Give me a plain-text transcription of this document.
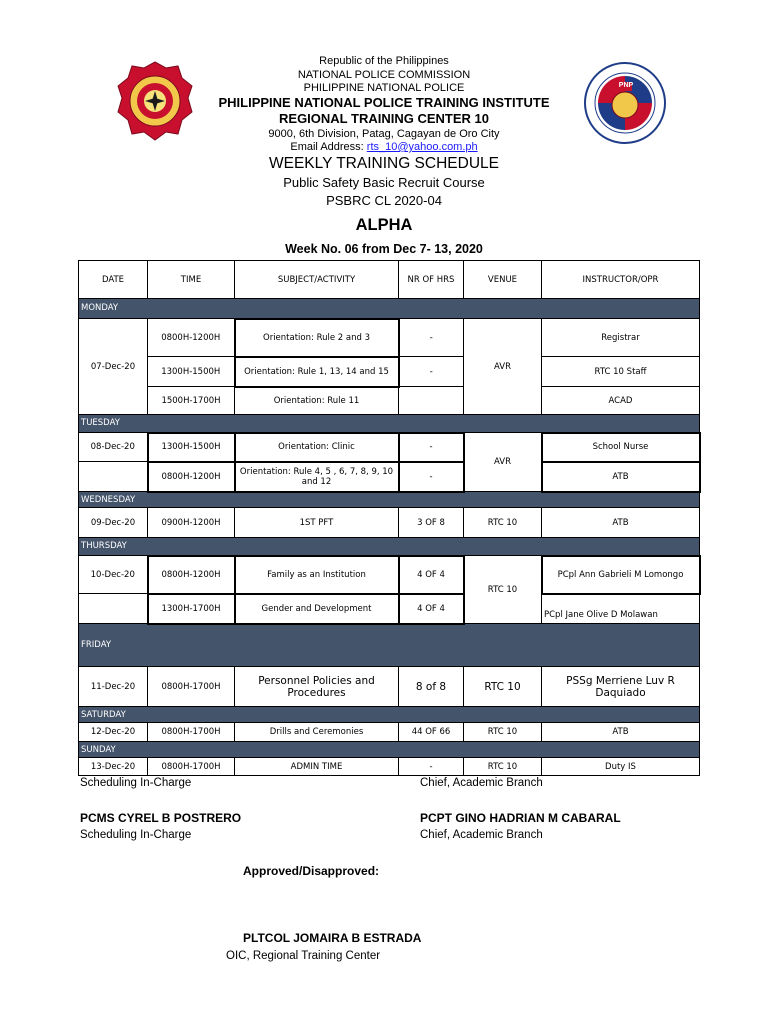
PNP
Republic of the Philippines
NATIONAL POLICE COMMISSION
PHILIPPINE NATIONAL POLICE
PHILIPPINE NATIONAL POLICE TRAINING INSTITUTE
REGIONAL TRAINING CENTER 10
9000, 6th Division, Patag, Cagayan de Oro City
Email Address: rts_10@yahoo.com.ph
WEEKLY TRAINING SCHEDULE
Public Safety Basic Recruit Course
PSBRC CL 2020-04
ALPHA
Week No. 06 from Dec 7- 13, 2020
DATE	TIME	SUBJECT/ACTIVITY	NR OF HRS	VENUE	INSTRUCTOR/OPR
MONDAY					
07-Dec-20	0800H-1200H	Orientation: Rule 2 and 3	-	AVR	Registrar
	1300H-1500H	Orientation: Rule 1, 13, 14 and 15	-		RTC 10 Staff
	1500H-1700H	Orientation: Rule 11			ACAD
TUESDAY					
08-Dec-20	1300H-1500H	Orientation: Clinic	-	AVR	School Nurse
	0800H-1200H	Orientation: Rule 4, 5 , 6, 7, 8, 9, 10 and 12	-		ATB
WEDNESDAY					
09-Dec-20	0900H-1200H	1ST PFT	3 OF 8	RTC 10	ATB
THURSDAY					
10-Dec-20	0800H-1200H	Family as an Institution	4 OF 4	RTC 10	PCpl Ann Gabrieli M Lomongo
	1300H-1700H	Gender and Development	4 OF 4		PCpl Jane Olive D Molawan
FRIDAY					
11-Dec-20	0800H-1700H	Personnel Policies and Procedures	8 of 8	RTC 10	PSSg Merriene Luv R Daquiado
SATURDAY					
12-Dec-20	0800H-1700H	Drills and Ceremonies	44 OF 66	RTC 10	ATB
SUNDAY					
13-Dec-20	0800H-1700H	ADMIN TIME	-	RTC 10	Duty IS
Scheduling In-Charge	Chief, Academic Branch
PCMS CYREL B POSTRERO
Scheduling In-Charge
PCPT GINO HADRIAN M CABARAL
Chief, Academic Branch
Approved/Disapproved:
PLTCOL JOMAIRA B ESTRADA
OIC, Regional Training Center
